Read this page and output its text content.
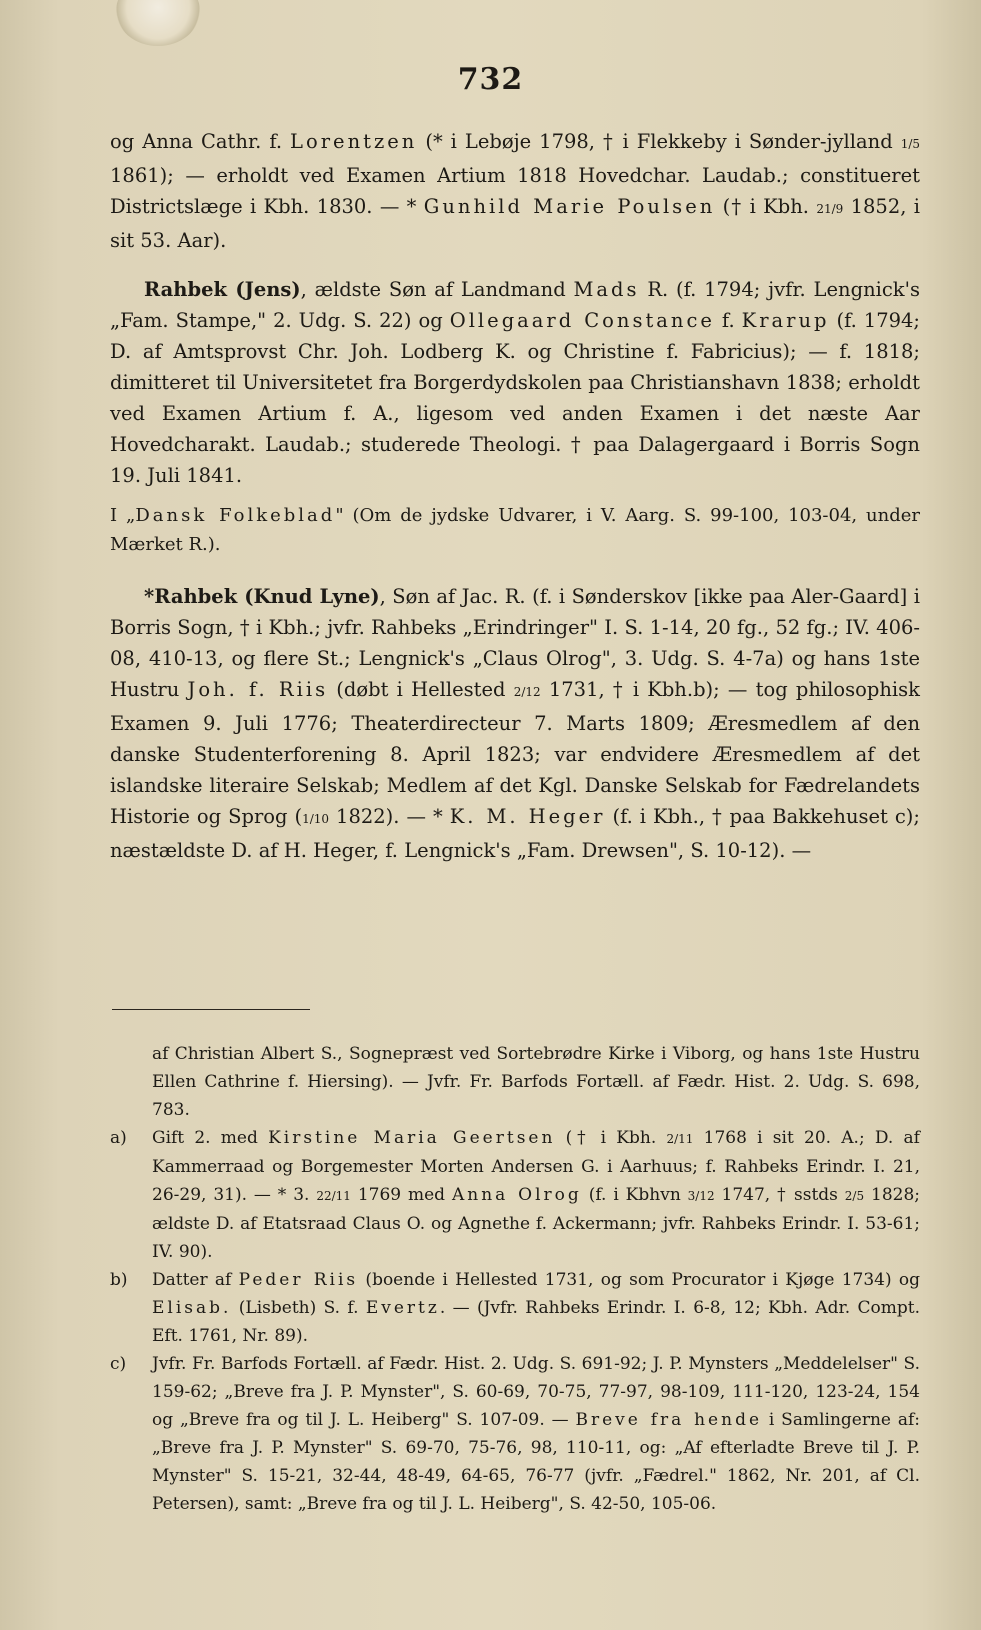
732

og Anna Cathr. f. Lorentzen (* i Lebøje 1798, † i Flekkeby i Sønder-jylland 1/5 1861); — erholdt ved Examen Artium 1818 Hovedchar. Laudab.; constitueret Districtslæge i Kbh. 1830. — * Gunhild Marie Poulsen († i Kbh. 21/9 1852, i sit 53. Aar).

Rahbek (Jens), ældste Søn af Landmand Mads R. (f. 1794; jvfr. Lengnick's „Fam. Stampe," 2. Udg. S. 22) og Ollegaard Constance f. Krarup (f. 1794; D. af Amtsprovst Chr. Joh. Lodberg K. og Christine f. Fabricius); — f. 1818; dimitteret til Universitetet fra Borgerdydskolen paa Christianshavn 1838; erholdt ved Examen Artium f. A., ligesom ved anden Examen i det næste Aar Hovedcharakt. Laudab.; studerede Theologi. † paa Dalagergaard i Borris Sogn 19. Juli 1841.

I „Dansk Folkeblad" (Om de jydske Udvarer, i V. Aarg. S. 99-100, 103-04, under Mærket R.).

*Rahbek (Knud Lyne), Søn af Jac. R. (f. i Sønderskov [ikke paa Aler-Gaard] i Borris Sogn, † i Kbh.; jvfr. Rahbeks „Erindringer" I. S. 1-14, 20 fg., 52 fg.; IV. 406-08, 410-13, og flere St.; Lengnick's „Claus Olrog", 3. Udg. S. 4-7a) og hans 1ste Hustru Joh. f. Riis (døbt i Hellested 2/12 1731, † i Kbh.b); — tog philosophisk Examen 9. Juli 1776; Theaterdirecteur 7. Marts 1809; Æresmedlem af den danske Studenterforening 8. April 1823; var endvidere Æresmedlem af det islandske literaire Selskab; Medlem af det Kgl. Danske Selskab for Fædrelandets Historie og Sprog (1/10 1822). — * K. M. Heger (f. i Kbh., † paa Bakkehuset c); næstældste D. af H. Heger, f. Lengnick's „Fam. Drewsen", S. 10-12). —

af Christian Albert S., Sognepræst ved Sortebrødre Kirke i Viborg, og hans 1ste Hustru Ellen Cathrine f. Hiersing). — Jvfr. Fr. Barfods Fortæll. af Fædr. Hist. 2. Udg. S. 698, 783.

a)	Gift 2. med Kirstine Maria Geertsen († i Kbh. 2/11 1768 i sit 20. A.; D. af Kammerraad og Borgemester Morten Andersen G. i Aarhuus; f. Rahbeks Erindr. I. 21, 26-29, 31). — * 3. 22/11 1769 med Anna Olrog (f. i Kbhvn 3/12 1747, † sstds 2/5 1828; ældste D. af Etatsraad Claus O. og Agnethe f. Ackermann; jvfr. Rahbeks Erindr. I. 53-61; IV. 90).
b)	Datter af Peder Riis (boende i Hellested 1731, og som Procurator i Kjøge 1734) og Elisab. (Lisbeth) S. f. Evertz. — (Jvfr. Rahbeks Erindr. I. 6-8, 12; Kbh. Adr. Compt. Eft. 1761, Nr. 89).
c)	Jvfr. Fr. Barfods Fortæll. af Fædr. Hist. 2. Udg. S. 691-92; J. P. Mynsters „Meddelelser" S. 159-62; „Breve fra J. P. Mynster", S. 60-69, 70-75, 77-97, 98-109, 111-120, 123-24, 154 og „Breve fra og til J. L. Heiberg" S. 107-09. — Breve fra hende i Samlingerne af: „Breve fra J. P. Mynster" S. 69-70, 75-76, 98, 110-11, og: „Af efterladte Breve til J. P. Mynster" S. 15-21, 32-44, 48-49, 64-65, 76-77 (jvfr. „Fædrel." 1862, Nr. 201, af Cl. Petersen), samt: „Breve fra og til J. L. Heiberg", S. 42-50, 105-06.
